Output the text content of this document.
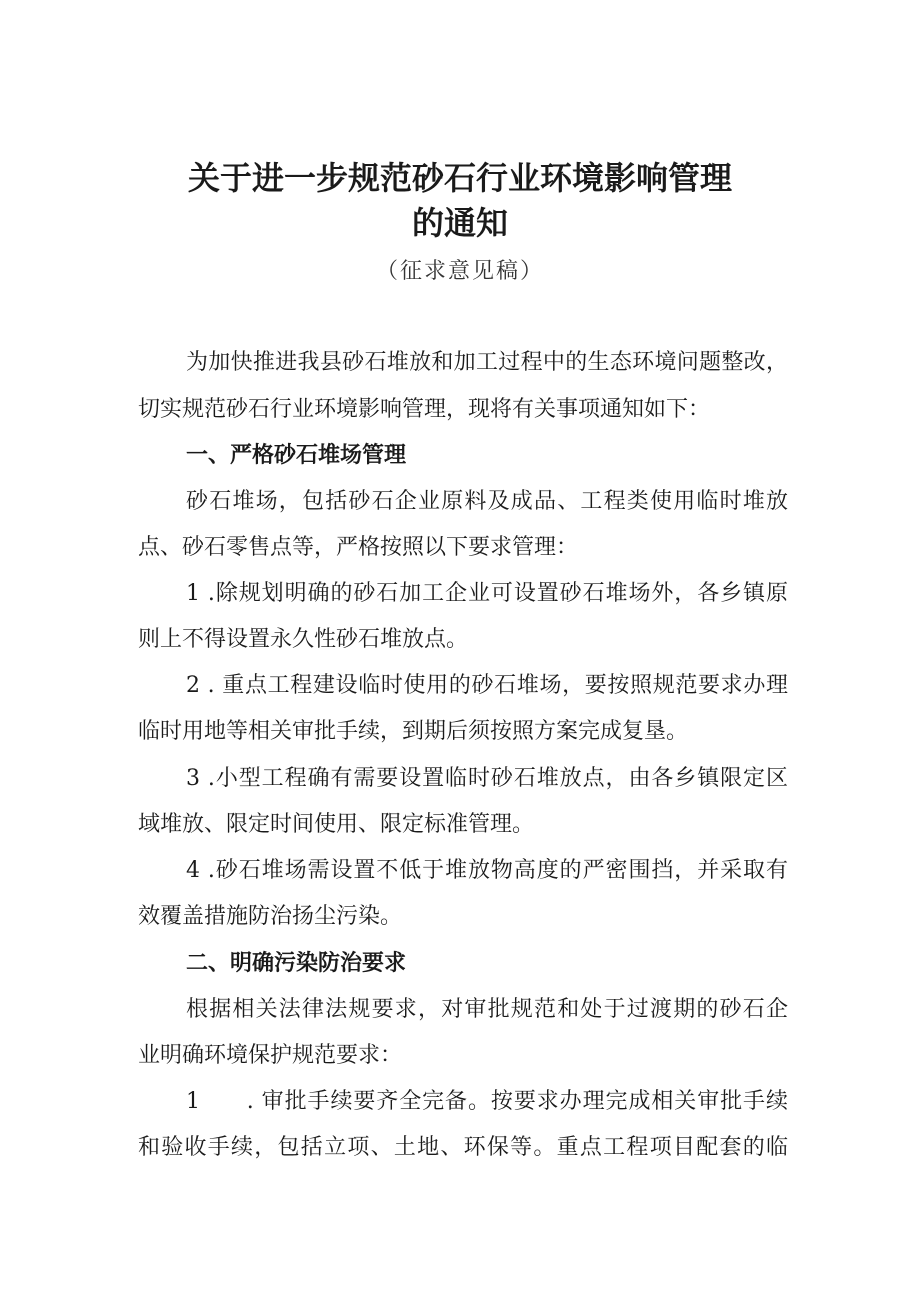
关于进一步规范砂石行业环境影响管理
的通知
（征求意见稿）
为加快推进我县砂石堆放和加工过程中的生态环境问题整改，
切实规范砂石行业环境影响管理，现将有关事项通知如下：
一、严格砂石堆场管理
砂石堆场，包括砂石企业原料及成品、工程类使用临时堆放
点、砂石零售点等，严格按照以下要求管理：
1 .除规划明确的砂石加工企业可设置砂石堆场外，各乡镇原
则上不得设置永久性砂石堆放点。
2 . 重点工程建设临时使用的砂石堆场，要按照规范要求办理
临时用地等相关审批手续，到期后须按照方案完成复垦。
3 .小型工程确有需要设置临时砂石堆放点，由各乡镇限定区
域堆放、限定时间使用、限定标准管理。
4 .砂石堆场需设置不低于堆放物高度的严密围挡，并采取有
效覆盖措施防治扬尘污染。
二、明确污染防治要求
根据相关法律法规要求，对审批规范和处于过渡期的砂石企
业明确环境保护规范要求：
1　　. 审批手续要齐全完备。按要求办理完成相关审批手续
和验收手续，包括立项、土地、环保等。重点工程项目配套的临
